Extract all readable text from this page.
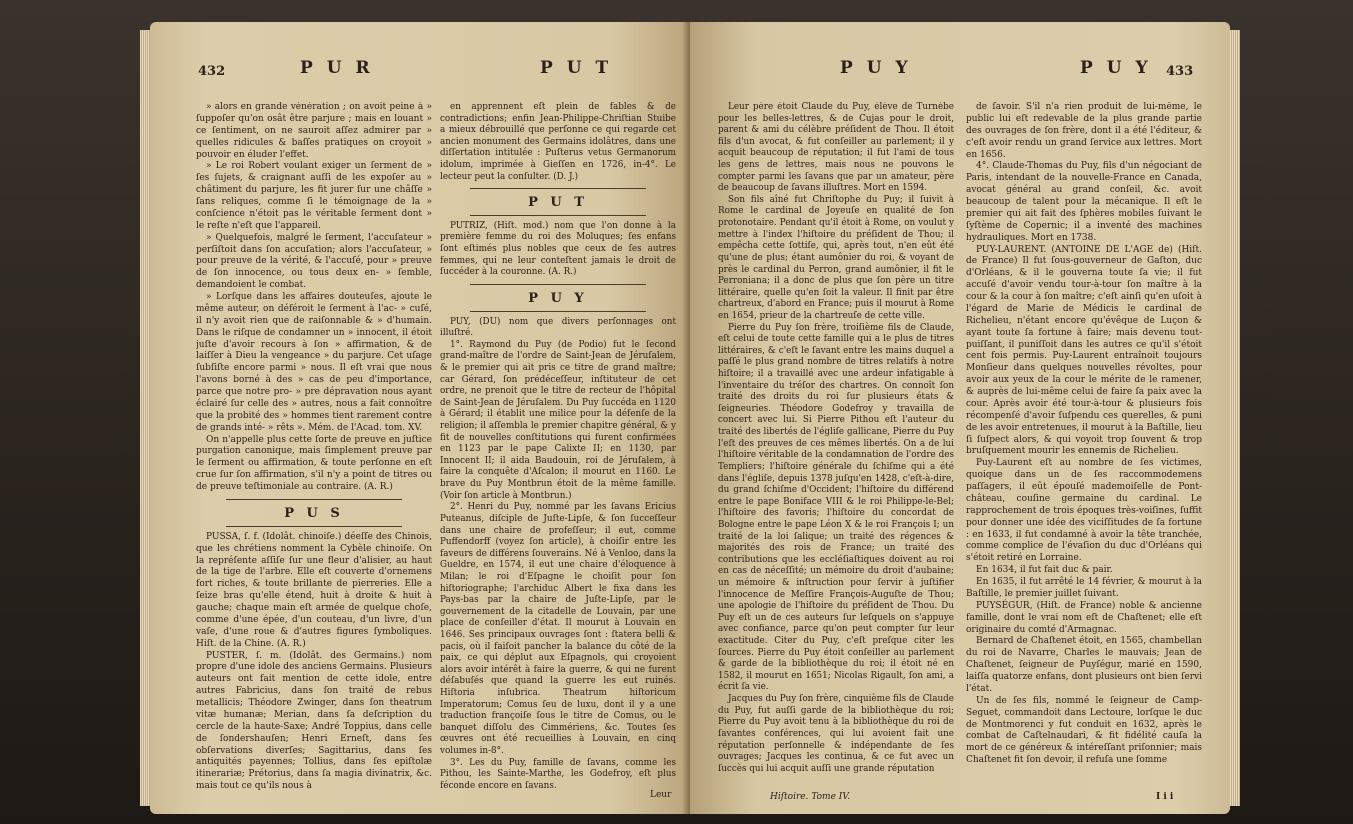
432	P U R	P U T

» alors en grande vénération ; on avoit peine à » ſuppoſer qu'on osât être parjure ; mais en louant » ce ſentiment, on ne sauroit aſſez admirer par » quelles ridicules & baſſes pratiques on croyoit » pouvoir en éluder l'effet.

» Le roi Robert voulant exiger un ſerment de » ſes ſujets, & craignant auſſi de les expoſer au » châtiment du parjure, les fit jurer ſur une châſſe » ſans reliques, comme ſi le témoignage de la » conſcience n'étoit pas le véritable ſerment dont » le reſte n'eſt que l'appareil.

» Quelquefois, malgré le ſerment, l'accuſateur » perſiſtoit dans ſon accuſation; alors l'accuſateur, » pour preuve de la vérité, & l'accuſé, pour » preuve de ſon innocence, ou tous deux en- » ſemble, demandoient le combat.

» Lorſque dans les affaires douteuſes, ajoute le même auteur, on déféroit le ſerment à l'ac- » cuſé, il n'y avoit rien que de raiſonnable & » d'humain. Dans le riſque de condamner un » innocent, il étoit juſte d'avoir recours à ſon » affirmation, & de laiſſer à Dieu la vengeance » du parjure. Cet uſage ſubſiſte encore parmi » nous. Il eſt vrai que nous l'avons borné à des » cas de peu d'importance, parce que notre pro- » pre dépravation nous ayant éclairé ſur celle des » autres, nous a fait connoître que la probité des » hommes tient rarement contre de grands inté- » rêts ». Mém. de l'Acad. tom. XV.

On n'appelle plus cette ſorte de preuve en juſtice purgation canonique, mais ſimplement preuve par le ſerment ou affirmation, & toute perſonne en eſt crue ſur ſon affirmation, s'il n'y a point de titres ou de preuve teſtimoniale au contraire. (A. R.)

P U S

PUSSA, ſ. f. (Idolât. chinoiſe.) déeſſe des Chinois, que les chrétiens nomment la Cybèle chinoiſe. On la repréſente aſſiſe ſur une fleur d'alisier, au haut de la tige de l'arbre. Elle eſt couverte d'ornemens fort riches, & toute brillante de pierreries. Elle a ſeize bras qu'elle étend, huit à droite & huit à gauche; chaque main eſt armée de quelque choſe, comme d'une épée, d'un couteau, d'un livre, d'un vaſe, d'une roue & d'autres figures ſymboliques. Hiſt. de la Chine. (A. R.)

PUSTER, ſ. m. (Idolât. des Germains.) nom propre d'une idole des anciens Germains. Plusieurs auteurs ont fait mention de cette idole, entre autres Fabricius, dans ſon traité de rebus metallicis; Théodore Zwinger, dans ſon theatrum vitæ humanæ; Merian, dans ſa deſcription du cercle de la haute-Saxe; André Toppius, dans celle de ſondershauſen; Henri Erneſt, dans ſes obſervations diverſes; Sagittarius, dans ſes antiquités payennes; Tollius, dans ſes epiſtolæ itinerariæ; Prétorius, dans ſa magia divinatrix, &c. mais tout ce qu'ils nous à

en apprennent eſt plein de fables & de contradictions; enfin Jean-Philippe-Chriſtian Stuibe a mieux débrouillé que perſonne ce qui regarde cet ancien monument des Germains idolâtres, dans une diſſertation intitulée : Puſterus vetus Germanorum idolum, imprimée à Gieſſen en 1726, in-4°. Le lecteur peut la conſulter. (D. J.)

P U T

PUTRIZ, (Hiſt. mod.) nom que l'on donne à la première femme du roi des Moluques; ſes enfans ſont eſtimés plus nobles que ceux de ſes autres femmes, qui ne leur conteſtent jamais le droit de ſuccéder à la couronne. (A. R.)

P U Y

PUY, (DU) nom que divers perſonnages ont illuſtré.

1°. Raymond du Puy (de Podio) fut le ſecond grand-maître de l'ordre de Saint-Jean de Jéruſalem, & le premier qui ait pris ce titre de grand maître; car Gérard, ſon prédéceſſeur, inſtituteur de cet ordre, ne prenoit que le titre de recteur de l'hôpital de Saint-Jean de Jéruſalem. Du Puy ſuccéda en 1120 à Gérard; il établit une milice pour la défenſe de la religion; il aſſembla le premier chapitre général, & y fit de nouvelles conſtitutions qui furent confirmées en 1123 par le pape Calixte II; en 1130, par Innocent II; il aida Baudouin, roi de Jéruſalem, à faire la conquête d'Aſcalon; il mourut en 1160. Le brave du Puy Montbrun étoit de la même famille. (Voir ſon article à Montbrun.)

2°. Henri du Puy, nommé par les ſavans Ericius Puteanus, diſciple de Juſte-Lipſe, & ſon ſucceſſeur dans une chaire de profeſſeur; il eut, comme Puffendorff (voyez ſon article), à choiſir entre les faveurs de différens ſouverains. Né à Venloo, dans la Gueldre, en 1574, il eut une chaire d'éloquence à Milan; le roi d'Eſpagne le choiſit pour ſon hiſtoriographe; l'archiduc Albert le fixa dans les Pays-bas par la chaire de Juſte-Lipſe, par le gouvernement de la citadelle de Louvain, par une place de conſeiller d'état. Il mourut à Louvain en 1646. Ses principaux ouvrages ſont : ſtatera belli & pacis, où il faiſoit pancher la balance du côté de la paix, ce qui déplut aux Eſpagnols, qui croyoient alors avoir intérêt à faire la guerre, & qui ne furent déſabuſés que quand la guerre les eut ruinés. Hiſtoria inſubrica. Theatrum hiſtoricum Imperatorum; Comus ſeu de luxu, dont il y a une traduction françoiſe ſous le titre de Comus, ou le banquet diſſolu des Cimmériens, &c. Toutes ſes œuvres ont été recueillies à Louvain, en cinq volumes in-8°.

3°. Les du Puy, famille de ſavans, comme les Pithou, les Sainte-Marthe, les Godefroy, eſt plus féconde encore en ſavans.

Leur
P U Y	P U Y 433

Leur père étoit Claude du Puy, élève de Turnèbe pour les belles-lettres, & de Cujas pour le droit, parent & ami du célèbre préſident de Thou. Il étoit fils d'un avocat, & fut conſeiller au parlement; il y acquit beaucoup de réputation; il fut l'ami de tous les gens de lettres, mais nous ne pouvons le compter parmi les ſavans que par un amateur, père de beaucoup de ſavans illuſtres. Mort en 1594.

Son fils aîné fut Chriſtophe du Puy; il ſuivit à Rome le cardinal de Joyeuſe en qualité de ſon protonotaire. Pendant qu'il étoit à Rome, on voulut y mettre à l'index l'hiſtoire du préſident de Thou; il empêcha cette ſottiſe, qui, après tout, n'en eût été qu'une de plus; étant aumônier du roi, & voyant de près le cardinal du Perron, grand aumônier, il fit le Perroniana; il a donc de plus que ſon père un titre littéraire, quelle qu'en ſoit la valeur. Il finit par être chartreux, d'abord en France; puis il mourut à Rome en 1654, prieur de la chartreuſe de cette ville.

Pierre du Puy ſon frère, troiſième fils de Claude, eſt celui de toute cette famille qui a le plus de titres littéraires, & c'eſt le ſavant entre les mains duquel a paſſé le plus grand nombre de titres relatifs à notre hiſtoire; il a travaillé avec une ardeur infatigable à l'inventaire du tréſor des chartres. On connoît ſon traité des droits du roi ſur plusieurs états & ſeigneuries. Théodore Godefroy y travailla de concert avec lui. Si Pierre Pithou eſt l'auteur du traité des libertés de l'égliſe gallicane, Pierre du Puy l'eſt des preuves de ces mêmes libertés. On a de lui l'hiſtoire véritable de la condamnation de l'ordre des Templiers; l'hiſtoire générale du ſchiſme qui a été dans l'égliſe, depuis 1378 juſqu'en 1428, c'eſt-à-dire, du grand ſchiſme d'Occident; l'hiſtoire du différend entre le pape Boniface VIII & le roi Philippe-le-Bel; l'hiſtoire des favoris; l'hiſtoire du concordat de Bologne entre le pape Léon X & le roi François I; un traité de la loi ſalique; un traité des régences & majorités des rois de France; un traité des contributions que les eccléſiaſtiques doivent au roi en cas de néceſſité; un mémoire du droit d'aubaine; un mémoire & inſtruction pour ſervir à juſtifier l'innocence de Meſſire François-Auguſte de Thou; une apologie de l'hiſtoire du préſident de Thou. Du Puy eſt un de ces auteurs ſur leſquels on s'appuye avec confiance, parce qu'on peut compter ſur leur exactitude. Citer du Puy, c'eſt preſque citer les ſources. Pierre du Puy étoit conſeiller au parlement & garde de la bibliothèque du roi; il étoit né en 1582, il mourut en 1651; Nicolas Rigault, ſon ami, a écrit ſa vie.

Jacques du Puy ſon frère, cinquième fils de Claude du Puy, fut auſſi garde de la bibliothèque du roi; Pierre du Puy avoit tenu à la bibliothèque du roi de ſavantes conférences, qui lui avoient fait une réputation perſonnelle & indépendante de ſes ouvrages; Jacques les continua, & ce fut avec un ſuccès qui lui acquit auſſi une grande réputation

Hiſtoire. Tome IV.

de ſavoir. S'il n'a rien produit de lui-même, le public lui eſt redevable de la plus grande partie des ouvrages de ſon frère, dont il a été l'éditeur, & c'eſt avoir rendu un grand ſervice aux lettres. Mort en 1656.

4°. Claude-Thomas du Puy, fils d'un négociant de Paris, intendant de la nouvelle-France en Canada, avocat général au grand conſeil, &c. avoit beaucoup de talent pour la mécanique. Il eſt le premier qui ait fait des ſphères mobiles ſuivant le ſyſtème de Copernic; il a inventé des machines hydrauliques. Mort en 1738.

PUY-LAURENT. (ANTOINE DE L'AGE de) (Hiſt. de France) Il fut ſous-gouverneur de Gaſton, duc d'Orléans, & il le gouverna toute ſa vie; il fut accuſé d'avoir vendu tour-à-tour ſon maître à la cour & la cour à ſon maître; c'eſt ainſi qu'en uſoit à l'égard de Marie de Médicis le cardinal de Richelieu, n'étant encore qu'évêque de Luçon & ayant toute ſa fortune à faire; mais devenu tout-puiſſant, il puniſſoit dans les autres ce qu'il s'étoit cent fois permis. Puy-Laurent entraînoit toujours Monſieur dans quelques nouvelles révoltes, pour avoir aux yeux de la cour le mérite de le ramener, & auprès de lui-même celui de faire ſa paix avec la cour. Après avoir été tour-à-tour & plusieurs fois récompenſé d'avoir ſuſpendu ces querelles, & puni de les avoir entretenues, il mourut à la Baſtille, lieu ſi ſuſpect alors, & qui voyoit trop ſouvent & trop bruſquement mourir les ennemis de Richelieu.

Puy-Laurent eſt au nombre de ſes victimes, quoique dans un de ſes raccommodemens paſſagers, il eût épouſé mademoiſelle de Pont-château, couſine germaine du cardinal. Le rapprochement de trois époques très-voiſines, ſuffit pour donner une idée des viciſſitudes de ſa fortune : en 1633, il fut condamné à avoir la tête tranchée, comme complice de l'évaſion du duc d'Orléans qui s'étoit retiré en Lorraine.

En 1634, il fut fait duc & pair.

En 1635, il fut arrêté le 14 février, & mourut à la Baſtille, le premier juillet ſuivant.

PUYSÉGUR, (Hiſt. de France) noble & ancienne famille, dont le vrai nom eſt de Chaſtenet; elle eſt originaire du comté d'Armagnac.

Bernard de Chaſtenet étoit, en 1565, chambellan du roi de Navarre, Charles le mauvais; Jean de Chaſtenet, ſeigneur de Puyſégur, marié en 1590, laiſſa quatorze enfans, dont plusieurs ont bien ſervi l'état.

Un de ſes fils, nommé le ſeigneur de Camp-Seguet, commandoit dans Lectoure, lorſque le duc de Montmorenci y fut conduit en 1632, après le combat de Caſtelnaudari, & fit fidélité cauſa la mort de ce généreux & intéreſſant priſonnier; mais Chaſtenet fit ſon devoir, il refuſa une ſomme

I i i
